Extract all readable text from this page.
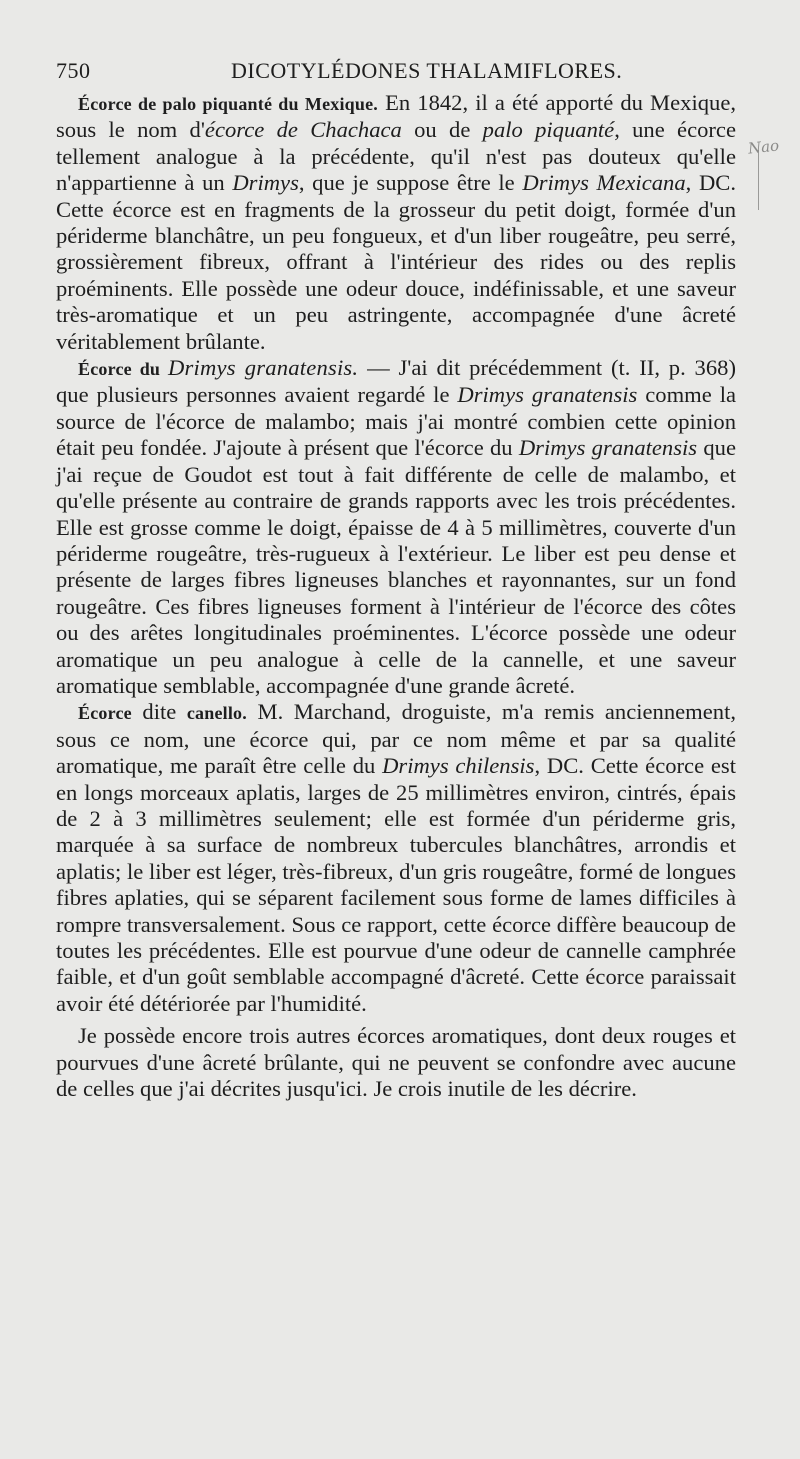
750	DICOTYLÉDONES THALAMIFLORES.
Nao

Écorce de palo piquanté du Mexique. En 1842, il a été apporté du Mexique, sous le nom d'écorce de Chachaca ou de palo piquanté, une écorce tellement analogue à la précédente, qu'il n'est pas douteux qu'elle n'appartienne à un Drimys, que je suppose être le Drimys Mexicana, DC. Cette écorce est en fragments de la grosseur du petit doigt, formée d'un périderme blanchâtre, un peu fongueux, et d'un liber rougeâtre, peu serré, grossièrement fibreux, offrant à l'intérieur des rides ou des replis proéminents. Elle possède une odeur douce, indéfinissable, et une saveur très-aromatique et un peu astringente, accompagnée d'une âcreté véritablement brûlante.

Écorce du Drimys granatensis. — J'ai dit précédemment (t. II, p. 368) que plusieurs personnes avaient regardé le Drimys granatensis comme la source de l'écorce de malambo; mais j'ai montré combien cette opinion était peu fondée. J'ajoute à présent que l'écorce du Drimys granatensis que j'ai reçue de Goudot est tout à fait différente de celle de malambo, et qu'elle présente au contraire de grands rapports avec les trois précédentes. Elle est grosse comme le doigt, épaisse de 4 à 5 millimètres, couverte d'un périderme rougeâtre, très-rugueux à l'extérieur. Le liber est peu dense et présente de larges fibres ligneuses blanches et rayonnantes, sur un fond rougeâtre. Ces fibres ligneuses forment à l'intérieur de l'écorce des côtes ou des arêtes longitudinales proéminentes. L'écorce possède une odeur aromatique un peu analogue à celle de la cannelle, et une saveur aromatique semblable, accompagnée d'une grande âcreté.

Écorce dite canello. M. Marchand, droguiste, m'a remis anciennement, sous ce nom, une écorce qui, par ce nom même et par sa qualité aromatique, me paraît être celle du Drimys chilensis, DC. Cette écorce est en longs morceaux aplatis, larges de 25 millimètres environ, cintrés, épais de 2 à 3 millimètres seulement; elle est formée d'un périderme gris, marquée à sa surface de nombreux tubercules blanchâtres, arrondis et aplatis; le liber est léger, très-fibreux, d'un gris rougeâtre, formé de longues fibres aplaties, qui se séparent facilement sous forme de lames difficiles à rompre transversalement. Sous ce rapport, cette écorce diffère beaucoup de toutes les précédentes. Elle est pourvue d'une odeur de cannelle camphrée faible, et d'un goût semblable accompagné d'âcreté. Cette écorce paraissait avoir été détériorée par l'humidité.

Je possède encore trois autres écorces aromatiques, dont deux rouges et pourvues d'une âcreté brûlante, qui ne peuvent se confondre avec aucune de celles que j'ai décrites jusqu'ici. Je crois inutile de les décrire.
